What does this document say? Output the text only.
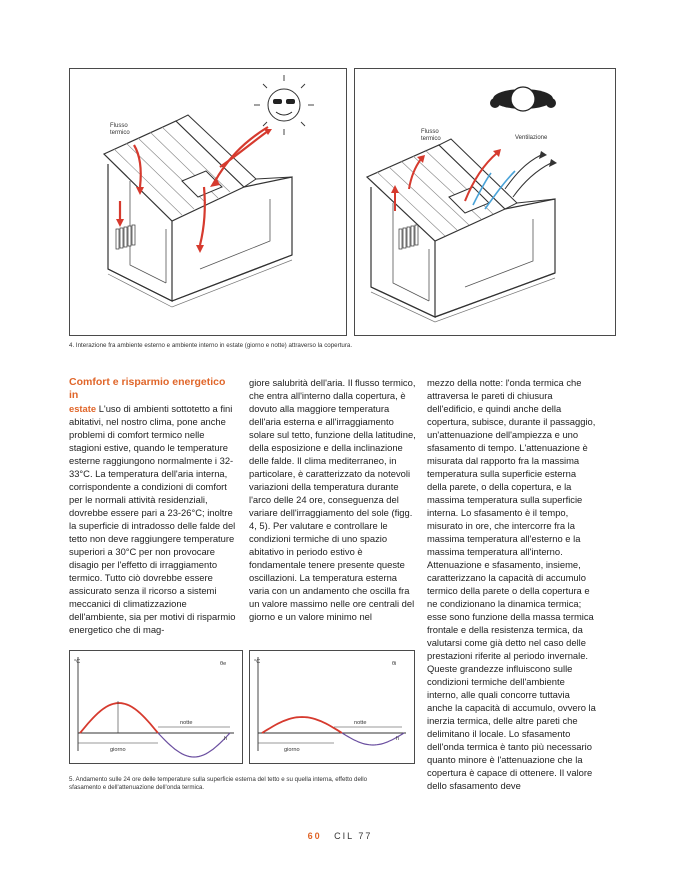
Flusso
termico	Flusso
termico	Ventilazione
4. Interazione fra ambiente esterno e ambiente interno in estate (giorno e notte) attraverso la copertura.

Comfort e risparmio energetico in

estate L'uso di ambienti sottotetto a fini abitativi, nel nostro clima, pone anche problemi di comfort termico nelle stagioni estive, quando le temperature esterne raggiungono normalmente i 32-33°C. La temperatura dell'aria interna, corrispondente a condizioni di comfort per le normali attività residenziali, dovrebbe essere pari a 23-26°C; inoltre la superficie di intradosso delle falde del tetto non deve raggiungere temperature superiori a 30°C per non provocare disagio per l'effetto di irraggiamento termico. Tutto ciò dovrebbe essere assicurato senza il ricorso a sistemi meccanici di climatizzazione dell'ambiente, sia per motivi di risparmio energetico che di mag-

giore salubrità dell'aria. Il flusso termico, che entra all'interno dalla copertura, è dovuto alla maggiore temperatura dell'aria esterna e all'irraggiamento solare sul tetto, funzione della latitudine, della esposizione e della inclinazione delle falde. Il clima mediterraneo, in particolare, è caratterizzato da notevoli variazioni della temperatura durante l'arco delle 24 ore, conseguenza del variare dell'irraggiamento del sole (figg. 4, 5). Per valutare e controllare le condizioni termiche di uno spazio abitativo in periodo estivo è fondamentale tenere presente queste oscillazioni. La temperatura esterna varia con un andamento che oscilla fra un valore massimo nelle ore centrali del giorno e un valore minimo nel

mezzo della notte: l'onda termica che attraversa le pareti di chiusura dell'edificio, e quindi anche della copertura, subisce, durante il passaggio, un'attenuazione dell'ampiezza e uno sfasamento di tempo. L'attenuazione è misurata dal rapporto fra la massima temperatura sulla superficie esterna della parete, o della copertura, e la massima temperatura sulla superficie interna. Lo sfasamento è il tempo, misurato in ore, che intercorre fra la massima temperatura all'esterno e la massima temperatura all'interno. Attenuazione e sfasamento, insieme, caratterizzano la capacità di accumulo termico della parete o della copertura e ne condizionano la dinamica termica; esse sono funzione della massa termica frontale e della resistenza termica, da valutarsi come già detto nel caso delle prestazioni riferite al periodo invernale. Queste grandezze influiscono sulle condizioni termiche dell'ambiente interno, alle quali concorre tuttavia anche la capacità di accumulo, ovvero la inerzia termica, delle altre pareti che delimitano il locale. Lo sfasamento dell'onda termica è tanto più necessario quanto minore è l'attenuazione che la copertura è capace di ottenere. Il valore dello sfasamento deve

°C	θe
giorno
notte
h
°C	θi
giorno
notte
h
5. Andamento sulle 24 ore delle temperature sulla superficie esterna del tetto e su quella interna, effetto dello sfasamento e dell'attenuazione dell'onda termica.
60 CIL 77
